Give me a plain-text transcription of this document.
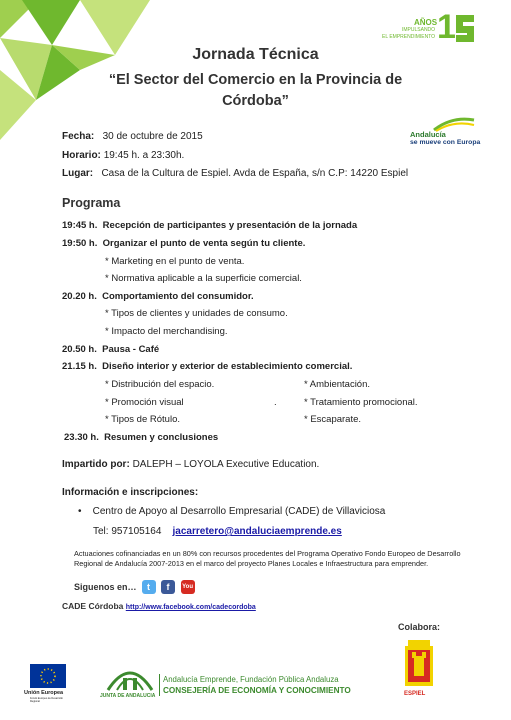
AÑOS
IMPULSANDO
EL EMPRENDIMIENTO 1
Andalucía
se mueve con Europa
Jornada Técnica
“El Sector del Comercio en la Provincia de
Córdoba”
Fecha: 30 de octubre de 2015
Horario: 19:45 h. a 23:30h.
Lugar: Casa de la Cultura de Espiel. Avda de España, s/n C.P: 14220 Espiel
Programa
19:45 h. Recepción de participantes y presentación de la jornada
19:50 h. Organizar el punto de venta según tu cliente.
* Marketing en el punto de venta.
* Normativa aplicable a la superficie comercial.
20.20 h. Comportamiento del consumidor.
* Tipos de clientes y unidades de consumo.
* Impacto del merchandising.
20.50 h. Pausa - Café
21.15 h. Diseño interior y exterior de establecimiento comercial.
* Distribución del espacio.	* Ambientación.
* Promoción visual	.	* Tratamiento promocional.
* Tipos de Rótulo.	* Escaparate.
23.30 h. Resumen y conclusiones
Impartido por: DALEPH – LOYOLA Executive Education.
Información e inscripciones:
• Centro de Apoyo al Desarrollo Empresarial (CADE) de Villaviciosa
Tel: 957105164 jacarretero@andaluciaemprende.es
Actuaciones cofinanciadas en un 80% con recursos procedentes del Programa Operativo Fondo Europeo de Desarrollo
Regional de Andalucía 2007-2013 en el marco del proyecto Planes Locales e Infraestructura para emprender.
Siguenos en… t f You
CADE Córdoba http://www.facebook.com/cadecordoba
Colabora:
Unión Europea
Fondo Europeo de Desarrollo Regional
JUNTA DE ANDALUCIA
Andalucía Emprende, Fundación Pública Andaluza
CONSEJERÍA DE ECONOMÍA Y CONOCIMIENTO	ESPIEL
